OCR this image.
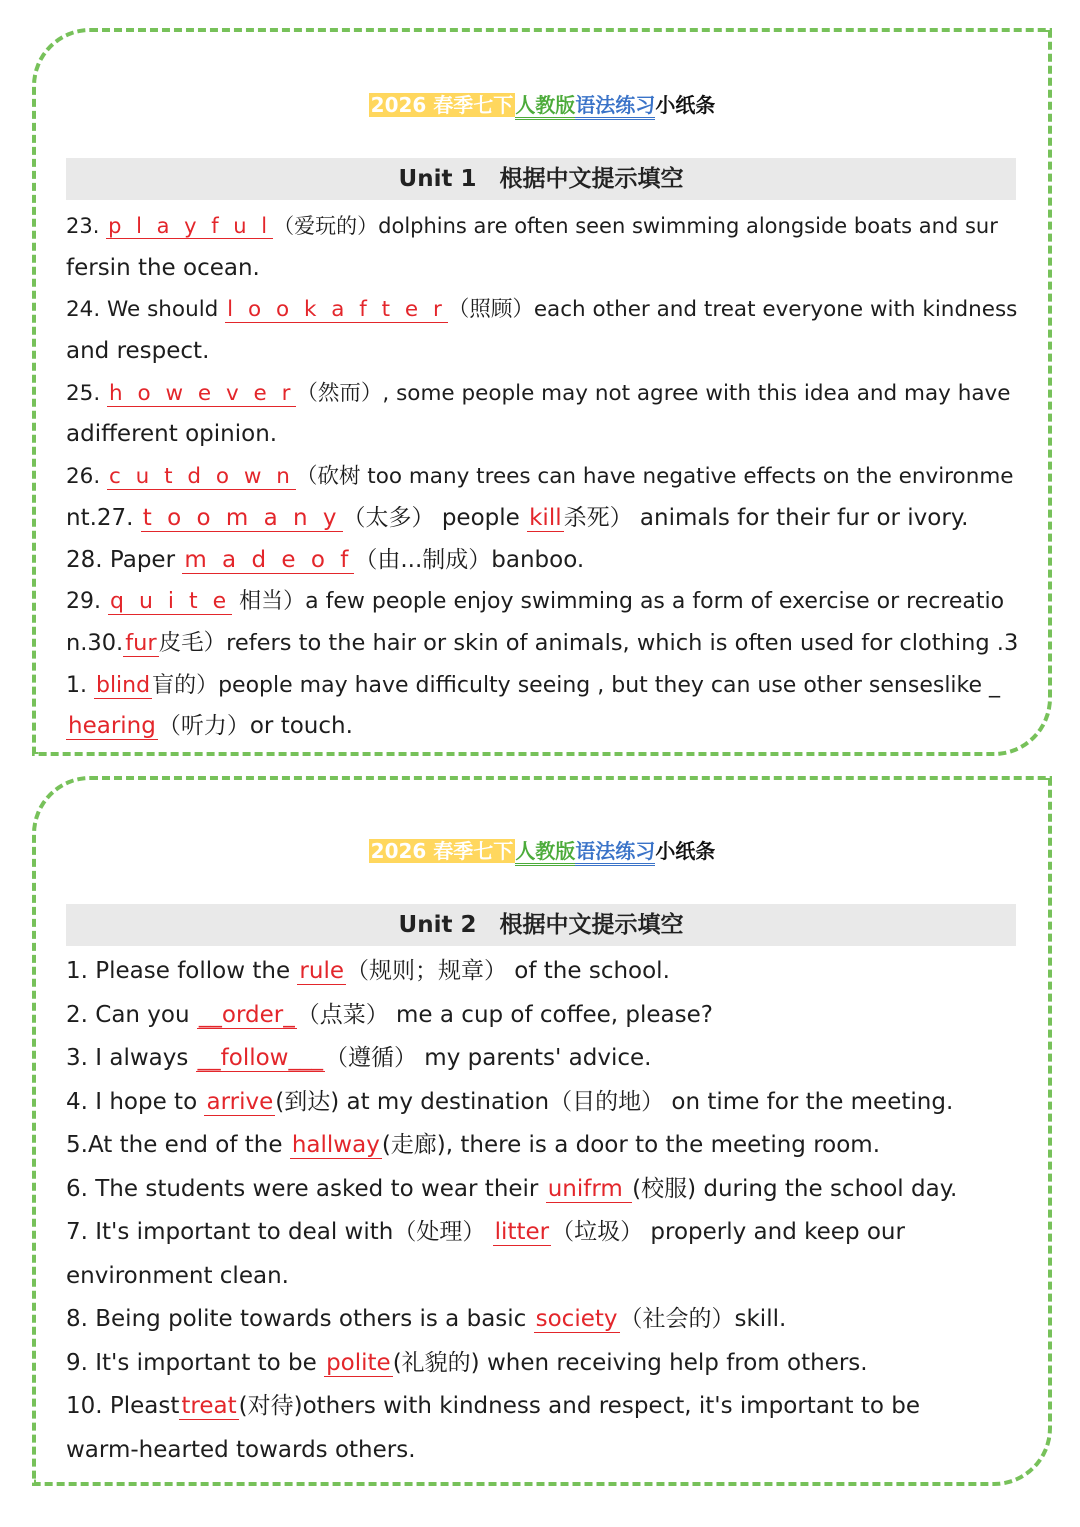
2026 春季七下 人教版语法练习小纸条
Unit 1　根据中文提示填空
23. p l a y f u l（爱玩的）dolphins are often seen swimming alongside boats and sur
fersin the ocean.
24. We should l o o k a f t e r（照顾）each other and treat everyone with kindness
and respect.
25. h o w e v e r（然而）, some people may not agree with this idea and may have
adifferent opinion.
26. c u t d o w n（砍树 too many trees can have negative effects on the environme
nt.27. t o o m a n y（太多） people kill杀死） animals for their fur or ivory.
28. Paper m a d e o f（由...制成）banboo.
29. q u i t e 相当）a few people enjoy swimming as a form of exercise or recreatio
n.30.fur皮毛）refers to the hair or skin of animals, which is often used for clothing .3
1. blind盲的）people may have difficulty seeing , but they can use other senseslike _
hearing（听力）or touch.
2026 春季七下 人教版语法练习小纸条
Unit 2　根据中文提示填空
1. Please follow the rule（规则；规章） of the school.
2. Can you __order_（点菜） me a cup of coffee, please?
3. I always __follow___（遵循） my parents' advice.
4. I hope to arrive(到达) at my destination（目的地） on time for the meeting.
5.At the end of the hallway(走廊), there is a door to the meeting room.
6. The students were asked to wear their unifrm (校服) during the school day.
7. It's important to deal with（处理） litter（垃圾） properly and keep our
environment clean.
8. Being polite towards others is a basic society（社会的）skill.
9. It's important to be polite(礼貌的) when receiving help from others.
10. Pleasttreat(对待)others with kindness and respect, it's important to be
warm-hearted towards others.
